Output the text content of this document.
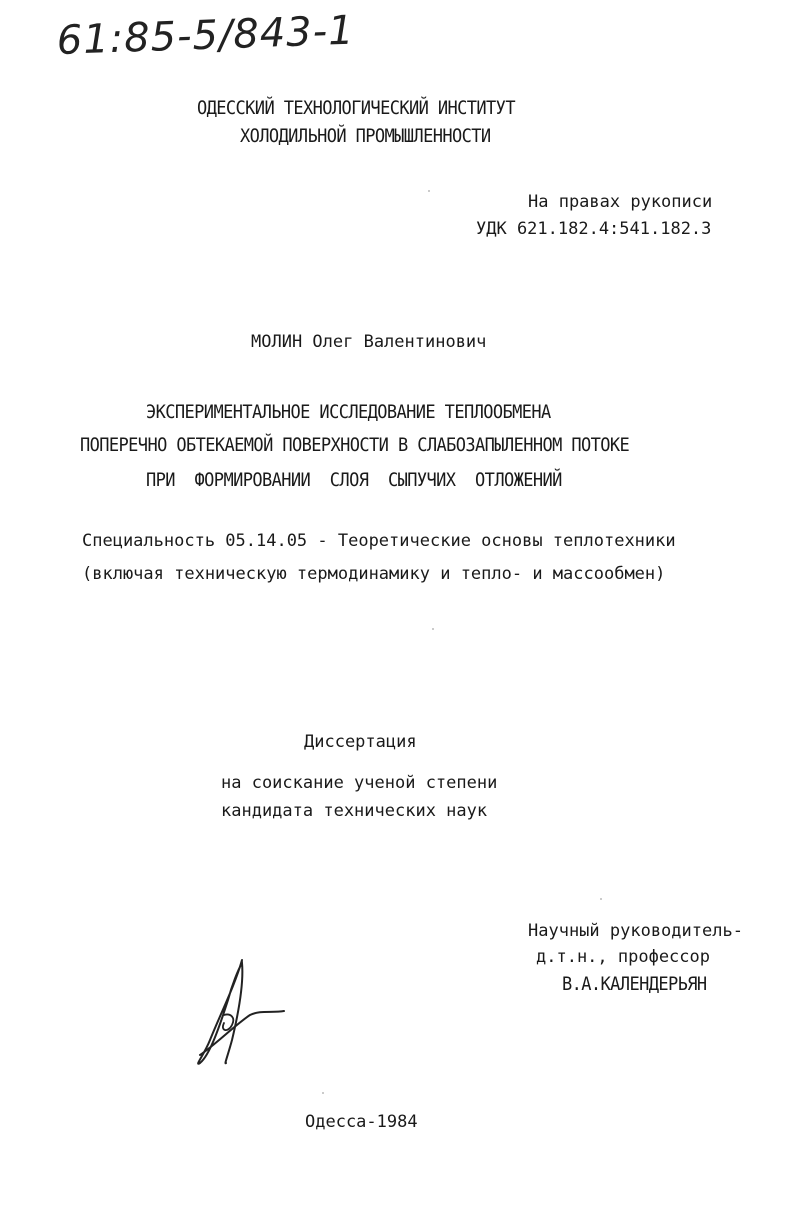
61:85-5/843-1
ОДЕССКИЙ ТЕХНОЛОГИЧЕСКИЙ ИНСТИТУТ
ХОЛОДИЛЬНОЙ ПРОМЫШЛЕННОСТИ
На правах рукописи
УДК 621.182.4:541.182.3
МОЛИН Олег Валентинович
ЭКСПЕРИМЕНТАЛЬНОЕ ИССЛЕДОВАНИЕ ТЕПЛООБМЕНА
ПОПЕРЕЧНО ОБТЕКАЕМОЙ ПОВЕРХНОСТИ В СЛАБОЗАПЫЛЕННОМ ПОТОКЕ
ПРИ ФОРМИРОВАНИИ СЛОЯ СЫПУЧИХ ОТЛОЖЕНИЙ
Специальность 05.14.05 - Теоретические основы теплотехники
(включая техническую термодинамику и тепло- и массообмен)
Диссертация
на соискание ученой степени
кандидата технических наук
Научный руководитель-
д.т.н., профессор
В.А.КАЛЕНДЕРЬЯН
Одесса-1984
